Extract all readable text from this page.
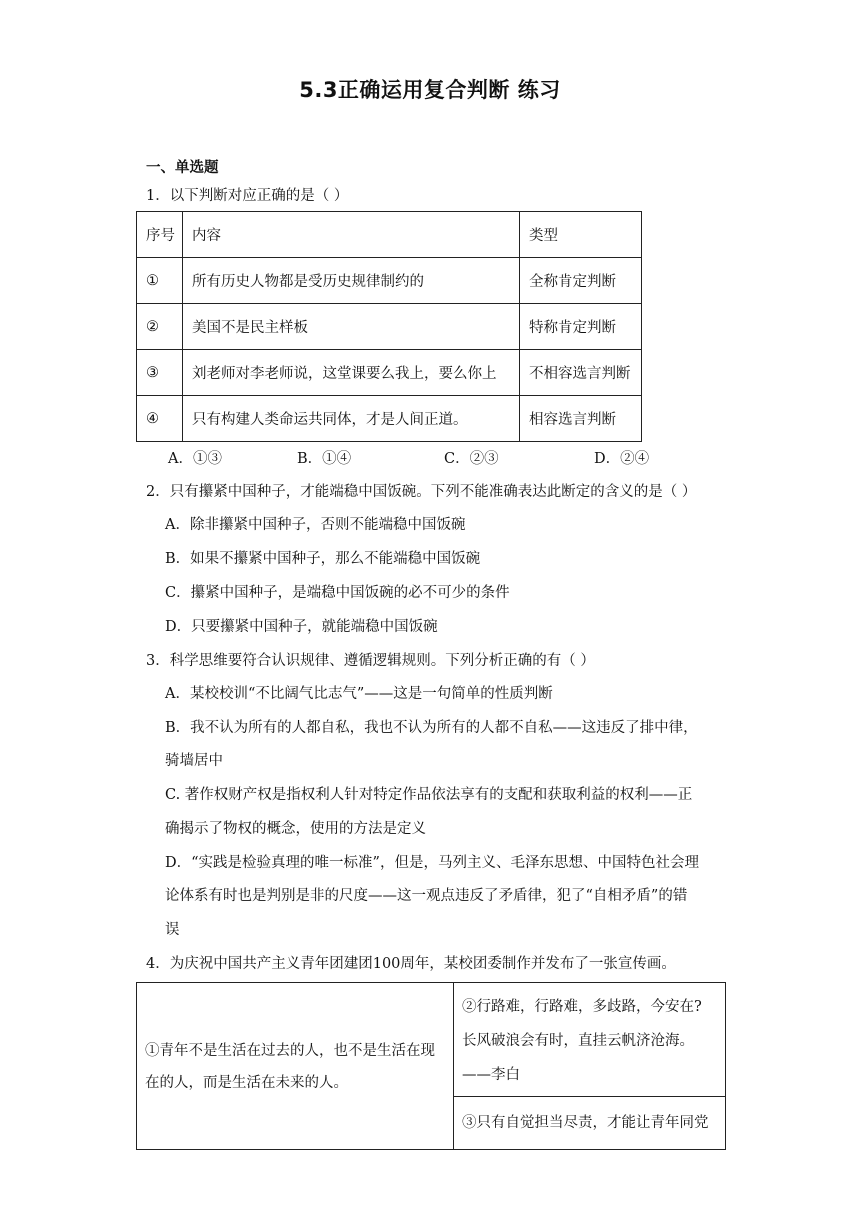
5.3正确运用复合判断 练习
一、单选题
1．以下判断对应正确的是（ ）
序号	内容	类型
①	所有历史人物都是受历史规律制约的	全称肯定判断
②	美国不是民主样板	特称肯定判断
③	刘老师对李老师说，这堂课要么我上，要么你上	不相容选言判断
④	只有构建人类命运共同体，才是人间正道。	相容选言判断
A．①③	B．①④	C．②③	D．②④
2．只有攥紧中国种子，才能端稳中国饭碗。下列不能准确表达此断定的含义的是（ ）
A．除非攥紧中国种子，否则不能端稳中国饭碗
B．如果不攥紧中国种子，那么不能端稳中国饭碗
C．攥紧中国种子，是端稳中国饭碗的必不可少的条件
D．只要攥紧中国种子，就能端稳中国饭碗
3．科学思维要符合认识规律、遵循逻辑规则。下列分析正确的有（ ）
A．某校校训“不比阔气比志气”——这是一句简单的性质判断
B．我不认为所有的人都自私，我也不认为所有的人都不自私——这违反了排中律，
骑墙居中
C. 著作权财产权是指权利人针对特定作品依法享有的支配和获取利益的权利——正
确揭示了物权的概念，使用的方法是定义
D．“实践是检验真理的唯一标准”，但是，马列主义、毛泽东思想、中国特色社会理
论体系有时也是判别是非的尺度——这一观点违反了矛盾律，犯了“自相矛盾”的错
误
4．为庆祝中国共产主义青年团建团100周年，某校团委制作并发布了一张宣传画。
①青年不是生活在过去的人，也不是生活在现在的人，而是生活在未来的人。
②行路难，行路难，多歧路，今安在?
长风破浪会有时，直挂云帆济沧海。
——李白
③只有自觉担当尽责，才能让青年同党
